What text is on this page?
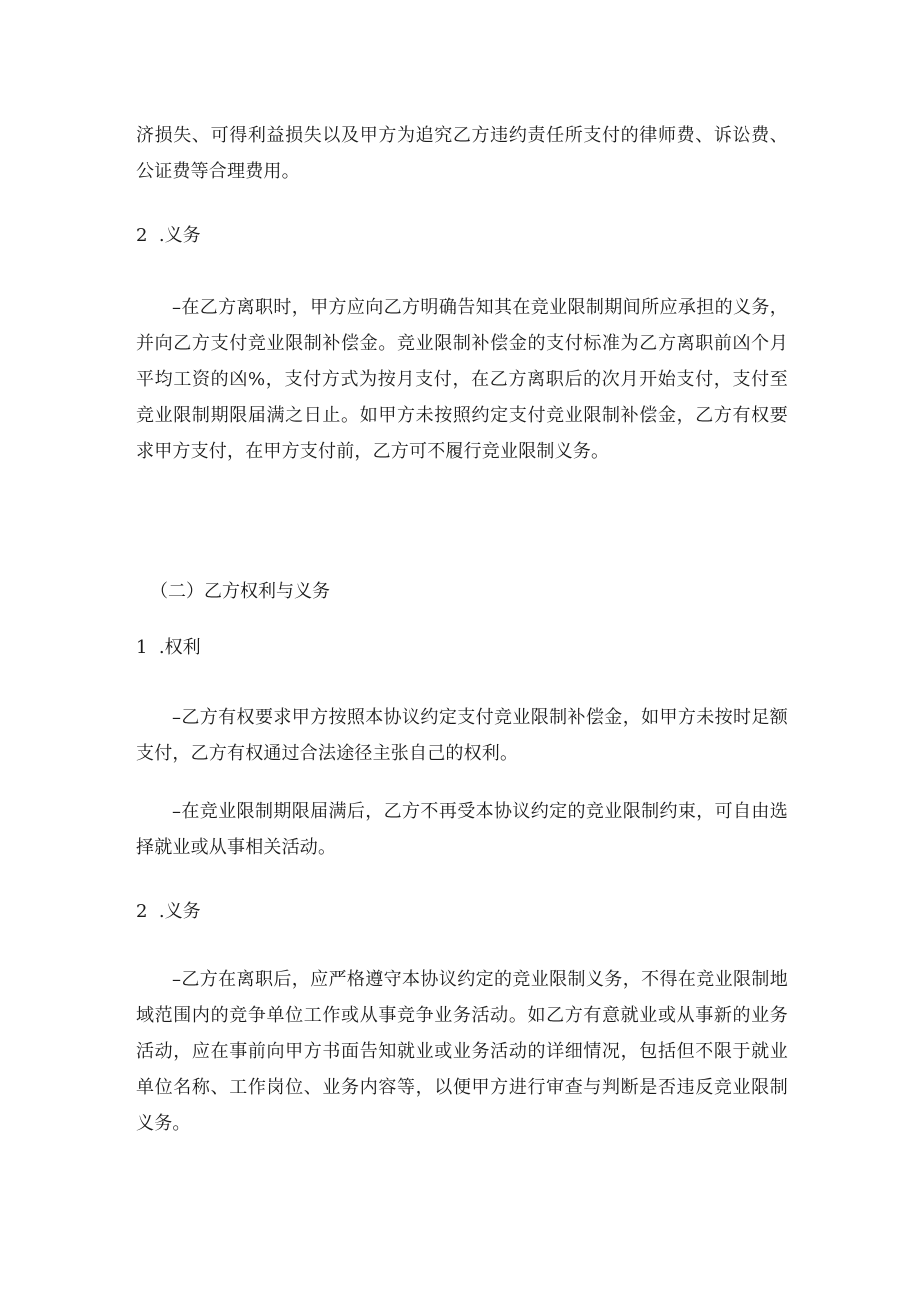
济损失、可得利益损失以及甲方为追究乙方违约责任所支付的律师费、诉讼费、公证费等合理费用。

2  .义务

–在乙方离职时，甲方应向乙方明确告知其在竞业限制期间所应承担的义务，并向乙方支付竞业限制补偿金。竞业限制补偿金的支付标准为乙方离职前凶个月平均工资的凶%，支付方式为按月支付，在乙方离职后的次月开始支付，支付至竞业限制期限届满之日止。如甲方未按照约定支付竞业限制补偿金，乙方有权要求甲方支付，在甲方支付前，乙方可不履行竞业限制义务。

（二）乙方权利与义务

1  .权利

–乙方有权要求甲方按照本协议约定支付竞业限制补偿金，如甲方未按时足额支付，乙方有权通过合法途径主张自己的权利。

–在竞业限制期限届满后，乙方不再受本协议约定的竞业限制约束，可自由选择就业或从事相关活动。

2  .义务

–乙方在离职后，应严格遵守本协议约定的竞业限制义务，不得在竞业限制地域范围内的竞争单位工作或从事竞争业务活动。如乙方有意就业或从事新的业务活动，应在事前向甲方书面告知就业或业务活动的详细情况，包括但不限于就业单位名称、工作岗位、业务内容等，以便甲方进行审查与判断是否违反竞业限制义务。
